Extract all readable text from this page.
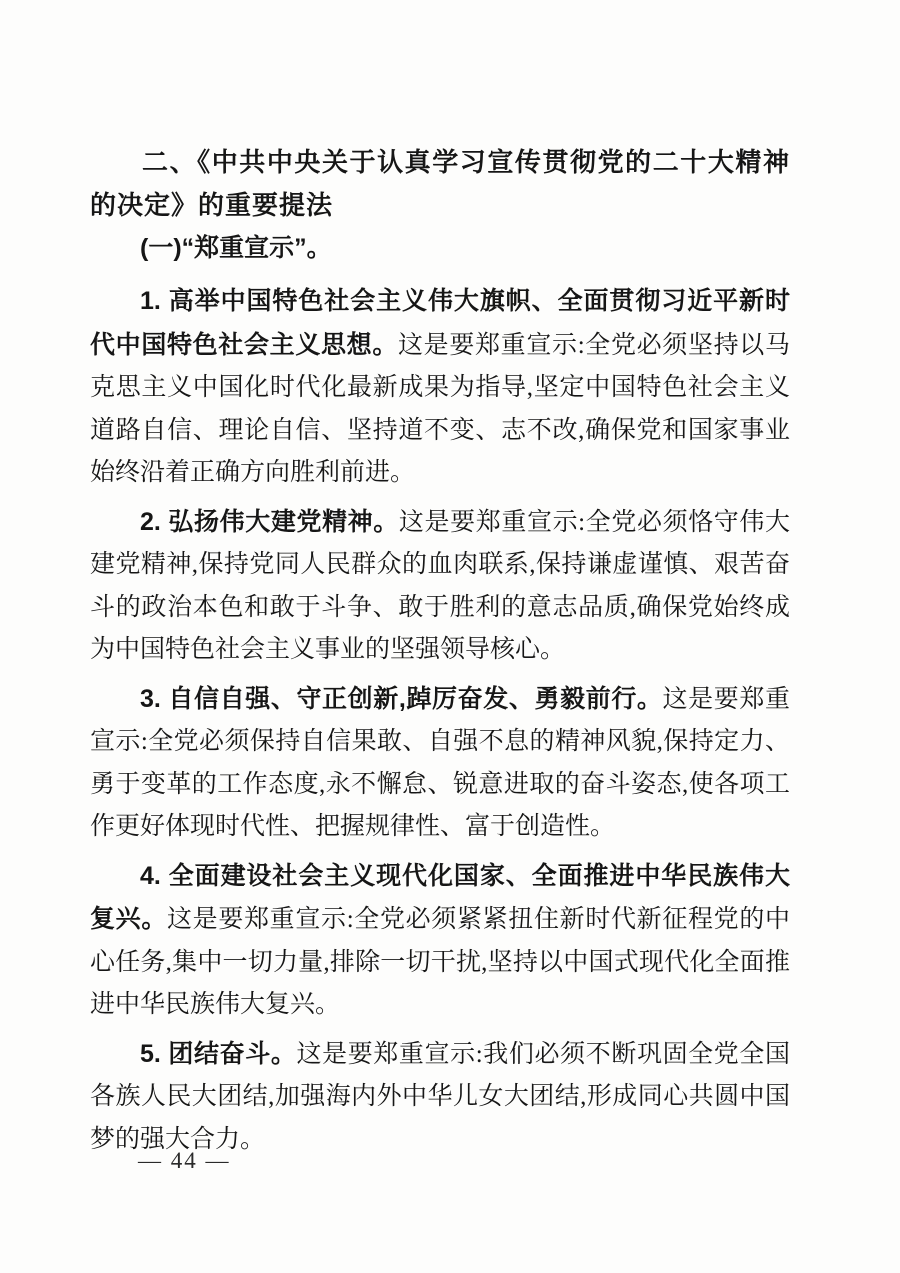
二、《中共中央关于认真学习宣传贯彻党的二十大精神的决定》的重要提法
(一)“郑重宣示”。

1. 高举中国特色社会主义伟大旗帜、全面贯彻习近平新时代中国特色社会主义思想。这是要郑重宣示:全党必须坚持以马克思主义中国化时代化最新成果为指导,坚定中国特色社会主义道路自信、理论自信、坚持道不变、志不改,确保党和国家事业始终沿着正确方向胜利前进。

2. 弘扬伟大建党精神。这是要郑重宣示:全党必须恪守伟大建党精神,保持党同人民群众的血肉联系,保持谦虚谨慎、艰苦奋斗的政治本色和敢于斗争、敢于胜利的意志品质,确保党始终成为中国特色社会主义事业的坚强领导核心。

3. 自信自强、守正创新,踔厉奋发、勇毅前行。这是要郑重宣示:全党必须保持自信果敢、自强不息的精神风貌,保持定力、勇于变革的工作态度,永不懈怠、锐意进取的奋斗姿态,使各项工作更好体现时代性、把握规律性、富于创造性。

4. 全面建设社会主义现代化国家、全面推进中华民族伟大复兴。这是要郑重宣示:全党必须紧紧扭住新时代新征程党的中心任务,集中一切力量,排除一切干扰,坚持以中国式现代化全面推进中华民族伟大复兴。

5. 团结奋斗。这是要郑重宣示:我们必须不断巩固全党全国各族人民大团结,加强海内外中华儿女大团结,形成同心共圆中国梦的强大合力。

— 44 —
